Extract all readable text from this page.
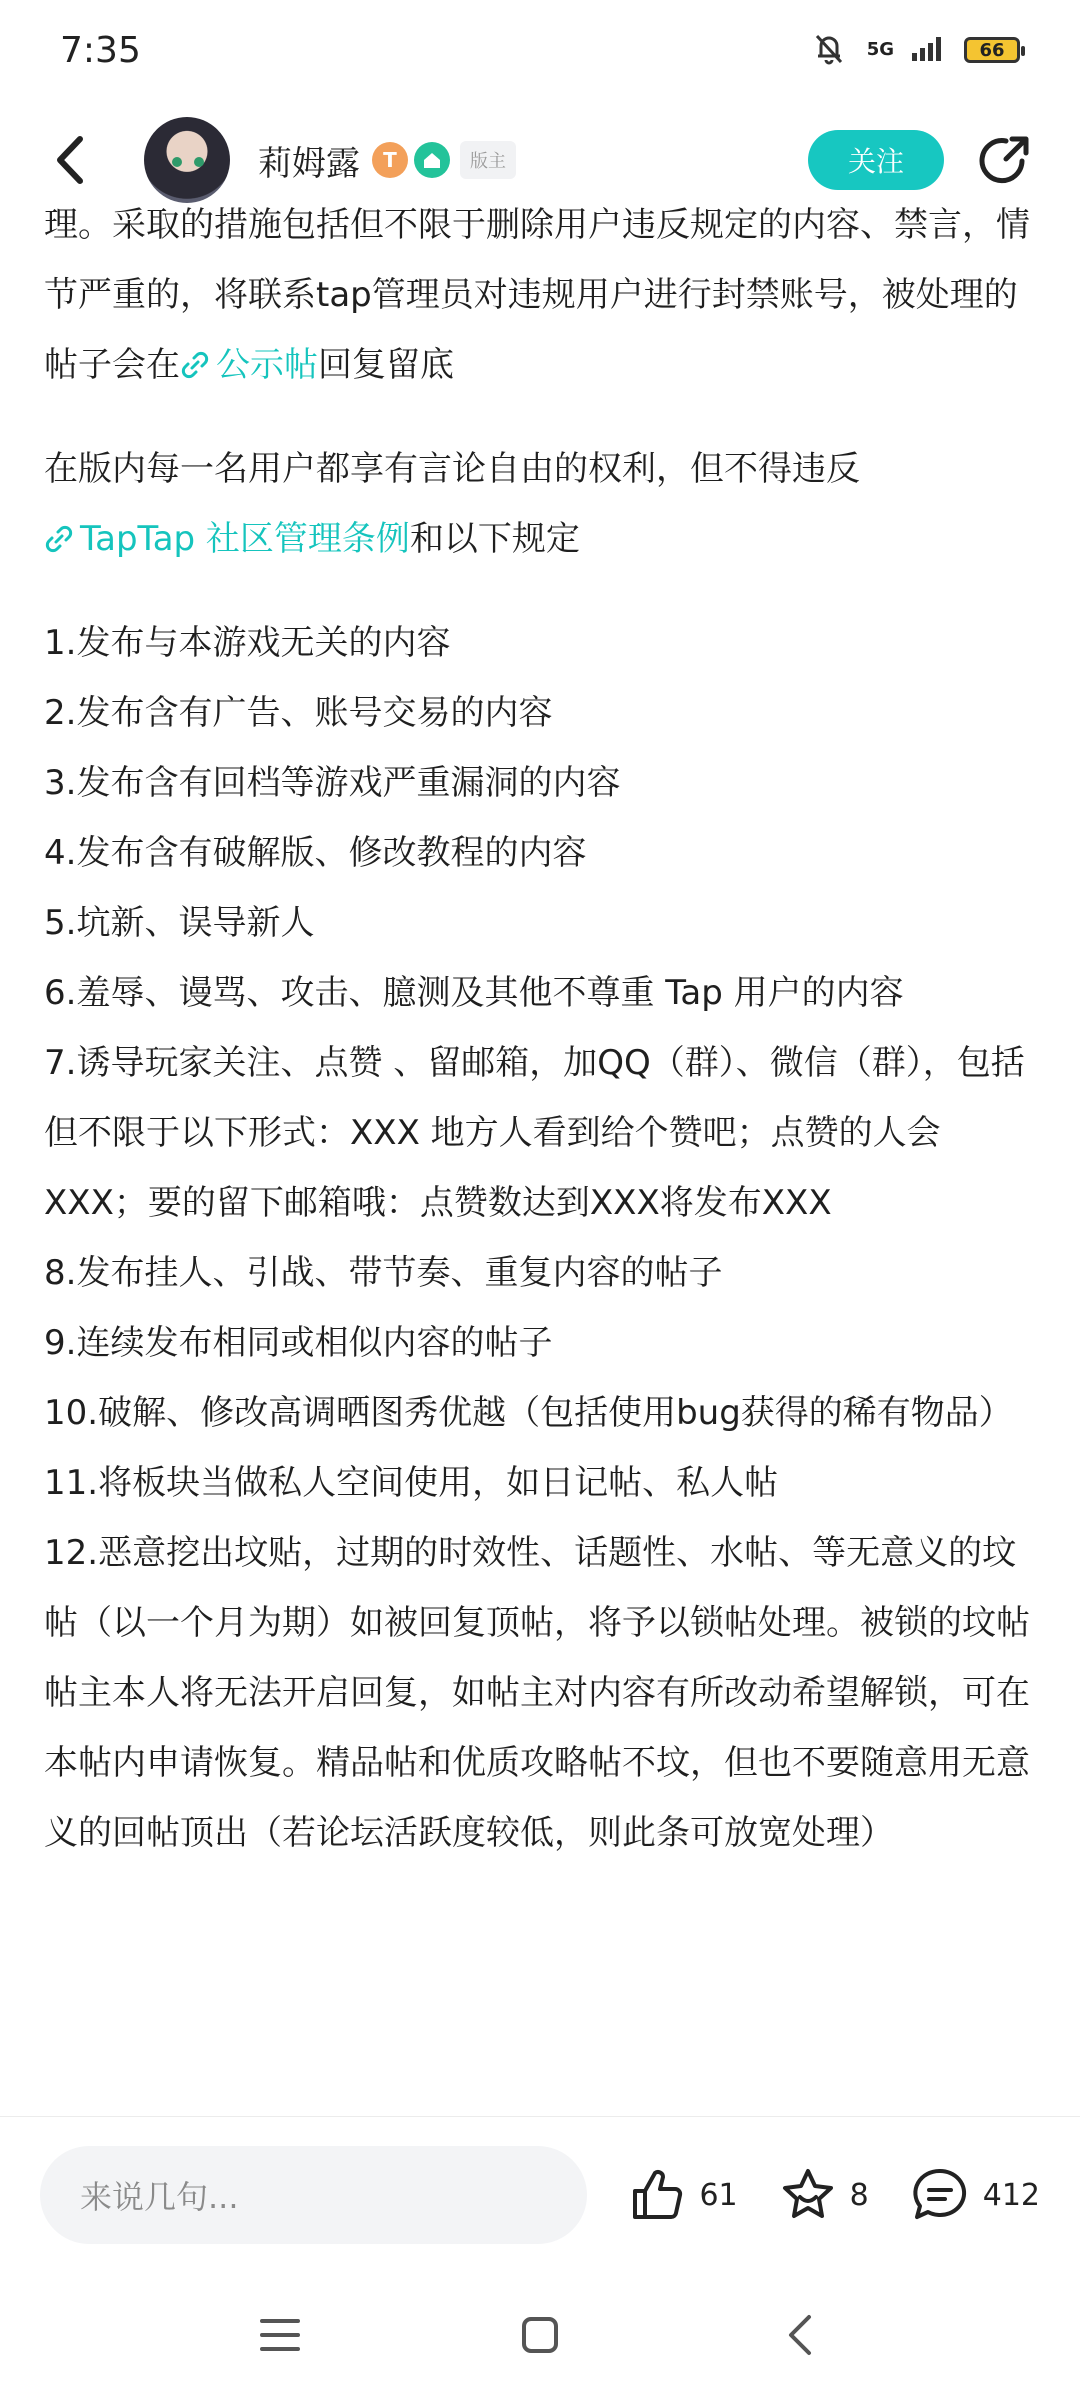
7:35	5G	66
莉姆露	T	版主	关注

理。采取的措施包括但不限于删除用户违反规定的内容、禁言，情节严重的，将联系tap管理员对违规用户进行封禁账号，被处理的帖子会在 公示帖回复留底

在版内每一名用户都享有言论自由的权利，但不得违反
TapTap 社区管理条例和以下规定

1.发布与本游戏无关的内容

2.发布含有广告、账号交易的内容

3.发布含有回档等游戏严重漏洞的内容

4.发布含有破解版、修改教程的内容

5.坑新、误导新人

6.羞辱、谩骂、攻击、臆测及其他不尊重 Tap 用户的内容

7.诱导玩家关注、点赞 、留邮箱，加QQ（群）、微信（群），包括但不限于以下形式：XXX 地方人看到给个赞吧；点赞的人会XXX；要的留下邮箱哦：点赞数达到XXX将发布XXX

8.发布挂人、引战、带节奏、重复内容的帖子

9.连续发布相同或相似内容的帖子

10.破解、修改高调晒图秀优越（包括使用bug获得的稀有物品）

11.将板块当做私人空间使用，如日记帖、私人帖

12.恶意挖出坟贴，过期的时效性、话题性、水帖、等无意义的坟帖（以一个月为期）如被回复顶帖，将予以锁帖处理。被锁的坟帖帖主本人将无法开启回复，如帖主对内容有所改动希望解锁，可在本帖内申请恢复。精品帖和优质攻略帖不坟，但也不要随意用无意义的回帖顶出（若论坛活跃度较低，则此条可放宽处理）

来说几句...	61	8	412
